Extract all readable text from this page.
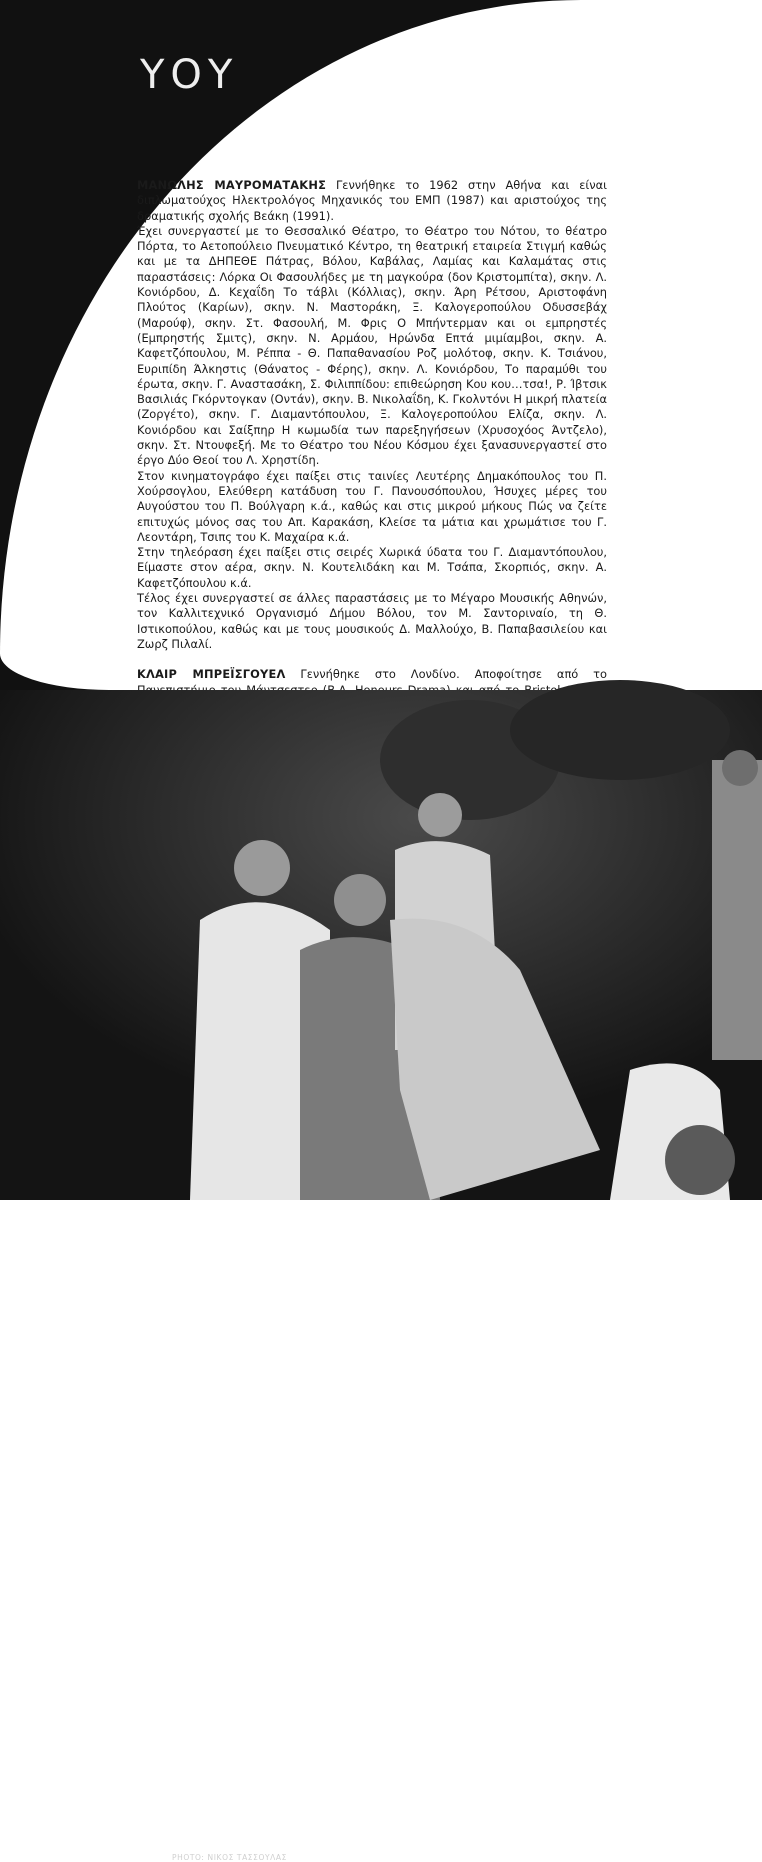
ΥΟΥ

ΜΑΝΩΛΗΣ ΜΑΥΡΟΜΑΤΑΚΗΣ Γεννήθηκε το 1962 στην Αθήνα και είναι διπλωματούχος Ηλεκτρολόγος Μηχανικός του ΕΜΠ (1987) και αριστούχος της δραματικής σχολής Βεάκη (1991).

Έχει συνεργαστεί με το Θεσσαλικό Θέατρο, το Θέατρο του Νότου, το θέατρο Πόρτα, το Αετοπούλειο Πνευματικό Κέντρο, τη θεατρική εταιρεία Στιγμή καθώς και με τα ΔΗΠΕΘΕ Πάτρας, Βόλου, Καβάλας, Λαμίας και Καλαμάτας στις παραστάσεις: Λόρκα Οι Φασουλήδες με τη μαγκούρα (δον Κριστομπίτα), σκην. Λ. Κονιόρδου, Δ. Κεχαΐδη Το τάβλι (Κόλλιας), σκην. Άρη Ρέτσου, Αριστοφάνη Πλούτος (Καρίων), σκην. Ν. Μαστοράκη, Ξ. Καλογεροπούλου Οδυσσεβάχ (Μαρούφ), σκην. Στ. Φασουλή, Μ. Φρις Ο Μπήντερμαν και οι εμπρηστές (Εμπρηστής Σμιτς), σκην. Ν. Αρμάου, Ηρώνδα Επτά μιμίαμβοι, σκην. Α. Καφετζόπουλου, Μ. Ρέππα - Θ. Παπαθανασίου Ροζ μολότοφ, σκην. Κ. Τσιάνου, Ευριπίδη Άλκηστις (Θάνατος - Φέρης), σκην. Λ. Κονιόρδου, Το παραμύθι του έρωτα, σκην. Γ. Αναστασάκη, Σ. Φιλιππίδου: επιθεώρηση Κου κου…τσα!, Ρ. Ίβτσικ Βασιλιάς Γκόρντογκαν (Οντάν), σκην. Β. Νικολαΐδη, Κ. Γκολντόνι Η μικρή πλατεία (Ζοργέτο), σκην. Γ. Διαμαντόπουλου, Ξ. Καλογεροπούλου Ελίζα, σκην. Λ. Κονιόρδου και Σαίξπηρ Η κωμωδία των παρεξηγήσεων (Χρυσοχόος Άντζελο), σκην. Στ. Ντουφεξή. Με το Θέατρο του Νέου Κόσμου έχει ξανασυνεργαστεί στο έργο Δύο Θεοί του Λ. Χρηστίδη.

Στον κινηματογράφο έχει παίξει στις ταινίες Λευτέρης Δημακόπουλος του Π. Χούρσογλου, Ελεύθερη κατάδυση του Γ. Πανουσόπουλου, Ήσυχες μέρες του Αυγούστου του Π. Βούλγαρη κ.ά., καθώς και στις μικρού μήκους Πώς να ζείτε επιτυχώς μόνος σας του Απ. Καρακάση, Κλείσε τα μάτια και χρωμάτισε του Γ. Λεοντάρη, Τσιπς του Κ. Μαχαίρα κ.ά.

Στην τηλεόραση έχει παίξει στις σειρές Χωρικά ύδατα του Γ. Διαμαντόπουλου, Είμαστε στον αέρα, σκην. Ν. Κουτελιδάκη και Μ. Τσάπα, Σκορπιός, σκην. Α. Καφετζόπουλου κ.ά.

Τέλος έχει συνεργαστεί σε άλλες παραστάσεις με το Μέγαρο Μουσικής Αθηνών, τον Καλλιτεχνικό Οργανισμό Δήμου Βόλου, τον Μ. Σαντοριναίο, τη Θ. Ιστικοπούλου, καθώς και με τους μουσικούς Δ. Μαλλούχο, Β. Παπαβασιλείου και Ζωρζ Πιλαλί.

ΚΛΑΙΡ ΜΠΡΕΪΣΓΟΥΕΛ Γεννήθηκε στο Λονδίνο. Αποφοίτησε από το

PHOTO: ΝΙΚΟΣ ΤΑΣΣΟΥΛΑΣ
